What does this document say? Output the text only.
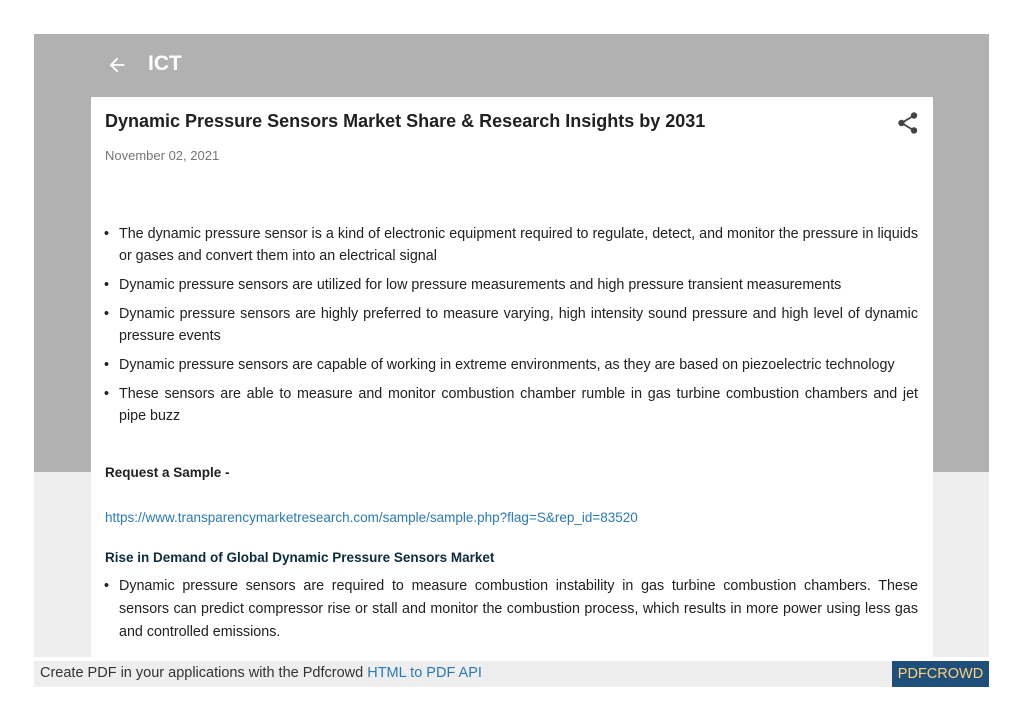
ICT
Dynamic Pressure Sensors Market Share & Research Insights by 2031
November 02, 2021
• The dynamic pressure sensor is a kind of electronic equipment required to regulate, detect, and monitor the pressure in liquids or gases and convert them into an electrical signal
• Dynamic pressure sensors are utilized for low pressure measurements and high pressure transient measurements
• Dynamic pressure sensors are highly preferred to measure varying, high intensity sound pressure and high level of dynamic pressure events
• Dynamic pressure sensors are capable of working in extreme environments, as they are based on piezoelectric technology
• These sensors are able to measure and monitor combustion chamber rumble in gas turbine combustion chambers and jet pipe buzz
Request a Sample -
https://www.transparencymarketresearch.com/sample/sample.php?flag=S&rep_id=83520
Rise in Demand of Global Dynamic Pressure Sensors Market
• Dynamic pressure sensors are required to measure combustion instability in gas turbine combustion chambers. These sensors can predict compressor rise or stall and monitor the combustion process, which results in more power using less gas and controlled emissions.
Create PDF in your applications with the Pdfcrowd HTML to PDF API	PDFCROWD
